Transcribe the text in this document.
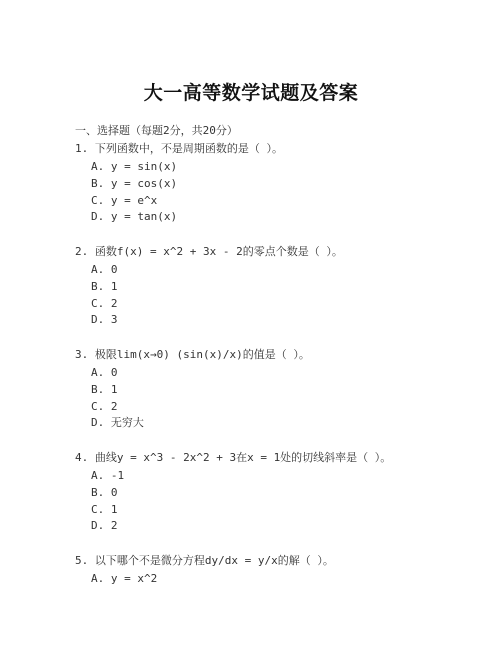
大一高等数学试题及答案
一、选择题（每题2分，共20分）
1. 下列函数中，不是周期函数的是（ ）。
A. y = sin(x)
B. y = cos(x)
C. y = e^x
D. y = tan(x)
2. 函数f(x) = x^2 + 3x - 2的零点个数是（ ）。
A. 0
B. 1
C. 2
D. 3
3. 极限lim(x→0) (sin(x)/x)的值是（ ）。
A. 0
B. 1
C. 2
D. 无穷大
4. 曲线y = x^3 - 2x^2 + 3在x = 1处的切线斜率是（ ）。
A. -1
B. 0
C. 1
D. 2
5. 以下哪个不是微分方程dy/dx = y/x的解（ ）。
A. y = x^2
